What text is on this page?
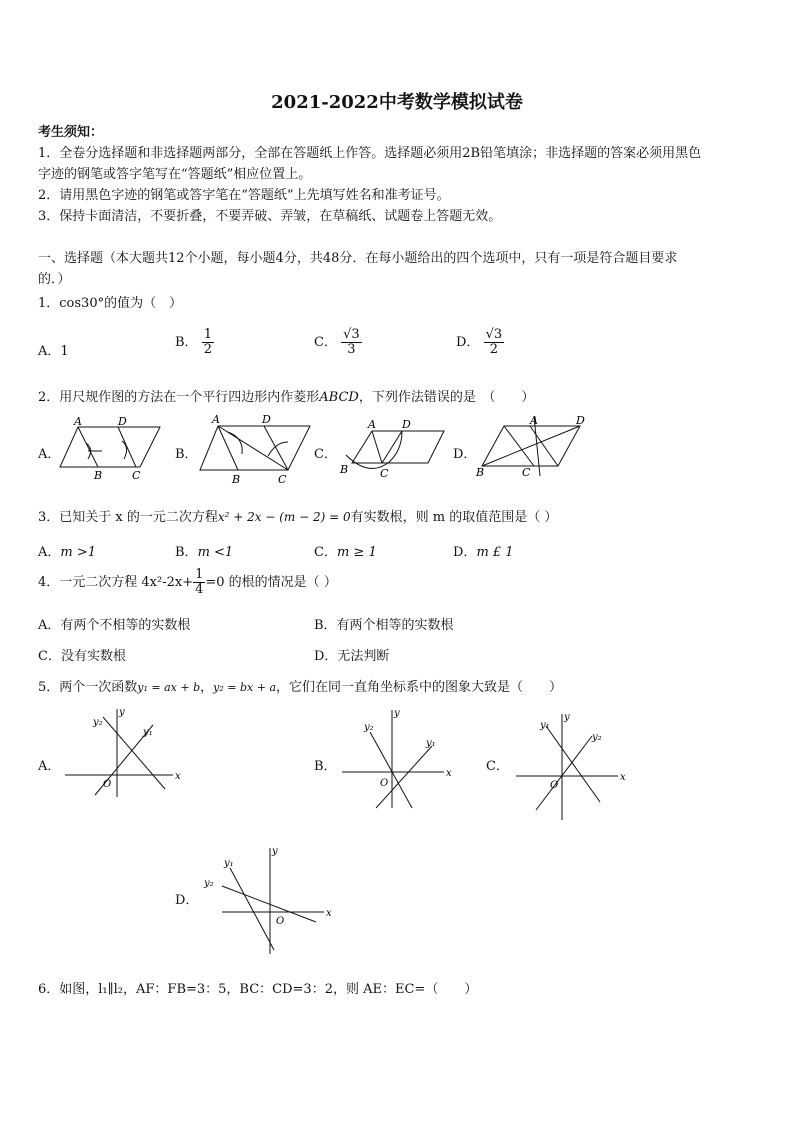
2021-2022中考数学模拟试卷
考生须知：
1．全卷分选择题和非选择题两部分，全部在答题纸上作答。选择题必须用2B铅笔填涂；非选择题的答案必须用黑色
字迹的钢笔或答字笔写在“答题纸”相应位置上。
2．请用黑色字迹的钢笔或答字笔在“答题纸”上先填写姓名和准考证号。
3．保持卡面清洁，不要折叠，不要弄破、弄皱，在草稿纸、试题卷上答题无效。
一、选择题（本大题共12个小题，每小题4分，共48分．在每小题给出的四个选项中，只有一项是符合题目要求
的．）
1．cos30°的值为（　）
A．1
B． $\frac{1}{2}$	C． $\frac{√3}{3}$	D． $\frac{√3}{2}$
2．用尺规作图的方法在一个平行四边形内作菱形ABCD，下列作法错误的是　（　　）
A．
A	D
B	C
B．
A	D
B	C
C．
A D
B	C
D．
A	D
B	C
3．已知关于 x 的一元二次方程x² + 2x − (m − 2) = 0有实数根，则 m 的取值范围是（ ）
A．m >1	B．m <1	C．m ≥ 1	D．m £ 1
4．一元二次方程 $4x^2-2x+ \frac{1}{4} =0$ 的根的情况是（ ）
A．有两个不相等的实数根	B．有两个相等的实数根
C．没有实数根	D．无法判断
5．两个一次函数y₁ = ax + b，y₂ = bx + a，它们在同一直角坐标系中的图象大致是（　　）
A．
x
y
O
y₁
y₂
B．	x
y
O
y₁
y₂
C．
x
y
O
y₁
y₂
D．
x
y
O
y₁
y₂
6．如图，l₁∥l₂，AF：FB=3：5，BC：CD=3：2，则 AE：EC=（　　）
